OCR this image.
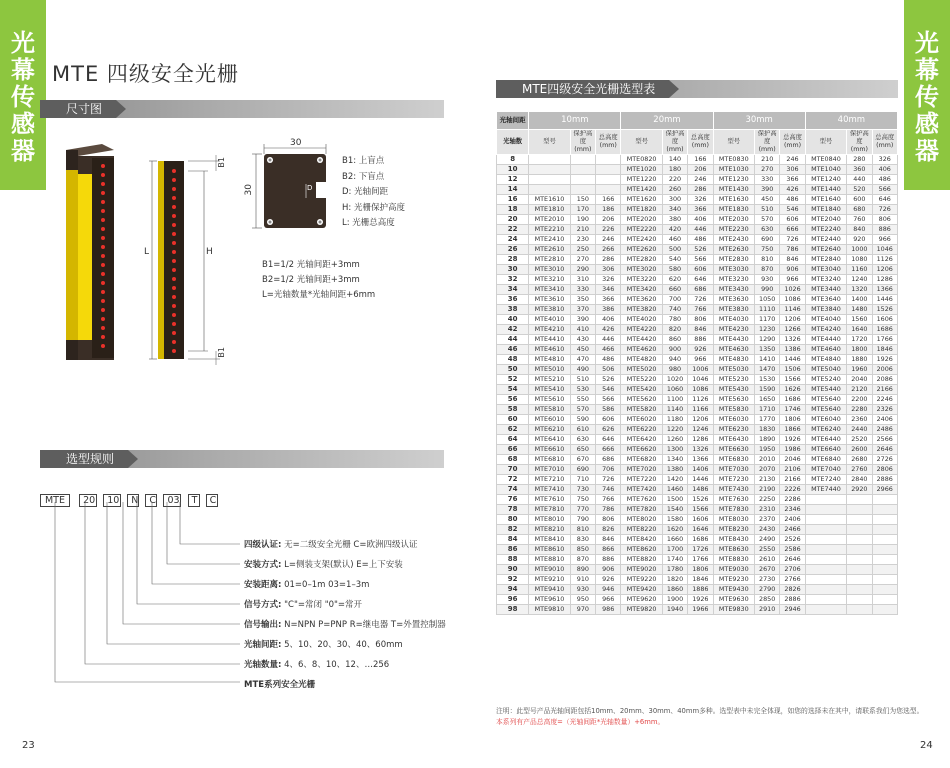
光
幕
传
感
器
光
幕
传
感
器
MTE 四级安全光栅
尺寸图
L	H
B1
B1
30
30	D
B1: 上盲点
B2: 下盲点
D: 光轴间距
H: 光栅保护高度
L: 光栅总高度
B1=1/2 光轴间距+3mm
B2=1/2 光轴间距+3mm
L=光轴数量*光轴间距+6mm
选型规则
MTE 20 10 N C 03 T C
四级认证: 无=二级安全光栅 C=欧洲四级认证
安装方式: L=侧装支架(默认) E=上下安装
安装距离: 01=0–1m 03=1–3m
信号方式: "C"=常闭 "0"=常开
信号输出: N=NPN P=PNP R=继电器 T=外置控制器
光轴间距: 5、10、20、30、40、60mm
光轴数量: 4、6、8、10、12、…256
MTE系列安全光栅
23
MTE四级安全光栅选型表
光轴间距	10mm			20mm			30mm			40mm		
光轴数	型号	保护高度 (mm)	总高度 (mm)	型号	保护高度 (mm)	总高度 (mm)	型号	保护高度 (mm)	总高度 (mm)	型号	保护高度 (mm)	总高度 (mm)
8				MTE0820	140	166	MTE0830	210	246	MTE0840	280	326
10				MTE1020	180	206	MTE1030	270	306	MTE1040	360	406
12				MTE1220	220	246	MTE1230	330	366	MTE1240	440	486
14				MTE1420	260	286	MTE1430	390	426	MTE1440	520	566
16	MTE1610	150	166	MTE1620	300	326	MTE1630	450	486	MTE1640	600	646
18	MTE1810	170	186	MTE1820	340	366	MTE1830	510	546	MTE1840	680	726
20	MTE2010	190	206	MTE2020	380	406	MTE2030	570	606	MTE2040	760	806
22	MTE2210	210	226	MTE2220	420	446	MTE2230	630	666	MTE2240	840	886
24	MTE2410	230	246	MTE2420	460	486	MTE2430	690	726	MTE2440	920	966
26	MTE2610	250	266	MTE2620	500	526	MTE2630	750	786	MTE2640	1000	1046
28	MTE2810	270	286	MTE2820	540	566	MTE2830	810	846	MTE2840	1080	1126
30	MTE3010	290	306	MTE3020	580	606	MTE3030	870	906	MTE3040	1160	1206
32	MTE3210	310	326	MTE3220	620	646	MTE3230	930	966	MTE3240	1240	1286
34	MTE3410	330	346	MTE3420	660	686	MTE3430	990	1026	MTE3440	1320	1366
36	MTE3610	350	366	MTE3620	700	726	MTE3630	1050	1086	MTE3640	1400	1446
38	MTE3810	370	386	MTE3820	740	766	MTE3830	1110	1146	MTE3840	1480	1526
40	MTE4010	390	406	MTE4020	780	806	MTE4030	1170	1206	MTE4040	1560	1606
42	MTE4210	410	426	MTE4220	820	846	MTE4230	1230	1266	MTE4240	1640	1686
44	MTE4410	430	446	MTE4420	860	886	MTE4430	1290	1326	MTE4440	1720	1766
46	MTE4610	450	466	MTE4620	900	926	MTE4630	1350	1386	MTE4640	1800	1846
48	MTE4810	470	486	MTE4820	940	966	MTE4830	1410	1446	MTE4840	1880	1926
50	MTE5010	490	506	MTE5020	980	1006	MTE5030	1470	1506	MTE5040	1960	2006
52	MTE5210	510	526	MTE5220	1020	1046	MTE5230	1530	1566	MTE5240	2040	2086
54	MTE5410	530	546	MTE5420	1060	1086	MTE5430	1590	1626	MTE5440	2120	2166
56	MTE5610	550	566	MTE5620	1100	1126	MTE5630	1650	1686	MTE5640	2200	2246
58	MTE5810	570	586	MTE5820	1140	1166	MTE5830	1710	1746	MTE5640	2280	2326
60	MTE6010	590	606	MTE6020	1180	1206	MTE6030	1770	1806	MTE6040	2360	2406
62	MTE6210	610	626	MTE6220	1220	1246	MTE6230	1830	1866	MTE6240	2440	2486
64	MTE6410	630	646	MTE6420	1260	1286	MTE6430	1890	1926	MTE6440	2520	2566
66	MTE6610	650	666	MTE6620	1300	1326	MTE6630	1950	1986	MTE6640	2600	2646
68	MTE6810	670	686	MTE6820	1340	1366	MTE6830	2010	2046	MTE6840	2680	2726
70	MTE7010	690	706	MTE7020	1380	1406	MTE7030	2070	2106	MTE7040	2760	2806
72	MTE7210	710	726	MTE7220	1420	1446	MTE7230	2130	2166	MTE7240	2840	2886
74	MTE7410	730	746	MTE7420	1460	1486	MTE7430	2190	2226	MTE7440	2920	2966
76	MTE7610	750	766	MTE7620	1500	1526	MTE7630	2250	2286			
78	MTE7810	770	786	MTE7820	1540	1566	MTE7830	2310	2346			
80	MTE8010	790	806	MTE8020	1580	1606	MTE8030	2370	2406			
82	MTE8210	810	826	MTE8220	1620	1646	MTE8230	2430	2466			
84	MTE8410	830	846	MTE8420	1660	1686	MTE8430	2490	2526			
86	MTE8610	850	866	MTE8620	1700	1726	MTE8630	2550	2586			
88	MTE8810	870	886	MTE8820	1740	1766	MTE8830	2610	2646			
90	MTE9010	890	906	MTE9020	1780	1806	MTE9030	2670	2706			
92	MTE9210	910	926	MTE9220	1820	1846	MTE9230	2730	2766			
94	MTE9410	930	946	MTE9420	1860	1886	MTE9430	2790	2826			
96	MTE9610	950	966	MTE9620	1900	1926	MTE9630	2850	2886			
98	MTE9810	970	986	MTE9820	1940	1966	MTE9830	2910	2946			
注明：此型号产品光轴间距包括10mm、20mm、30mm、40mm多种。选型表中未完全体现，如您的选择未在其中，请联系我们为您选型。
本系列有产品总高度=（光轴间距*光轴数量）+6mm。
24
